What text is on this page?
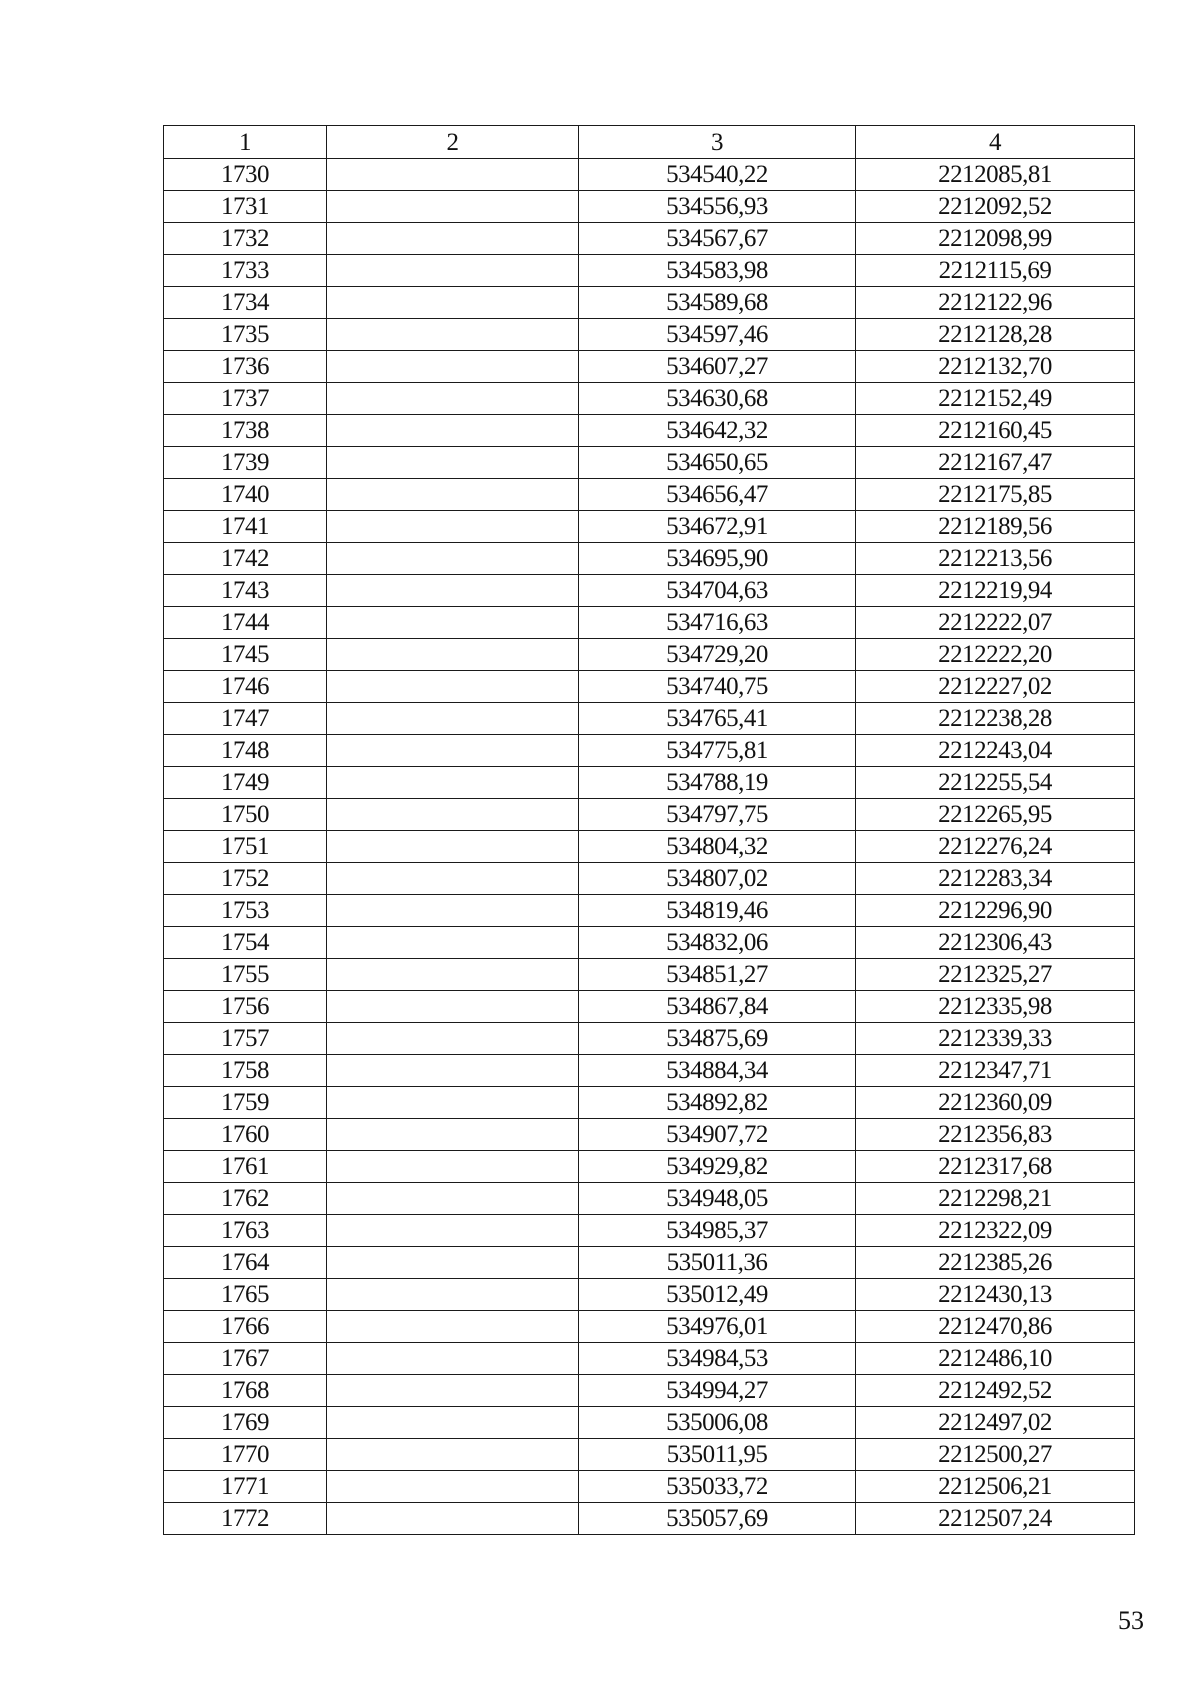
1	2	3	4
1730		534540,22	2212085,81
1731		534556,93	2212092,52
1732		534567,67	2212098,99
1733		534583,98	2212115,69
1734		534589,68	2212122,96
1735		534597,46	2212128,28
1736		534607,27	2212132,70
1737		534630,68	2212152,49
1738		534642,32	2212160,45
1739		534650,65	2212167,47
1740		534656,47	2212175,85
1741		534672,91	2212189,56
1742		534695,90	2212213,56
1743		534704,63	2212219,94
1744		534716,63	2212222,07
1745		534729,20	2212222,20
1746		534740,75	2212227,02
1747		534765,41	2212238,28
1748		534775,81	2212243,04
1749		534788,19	2212255,54
1750		534797,75	2212265,95
1751		534804,32	2212276,24
1752		534807,02	2212283,34
1753		534819,46	2212296,90
1754		534832,06	2212306,43
1755		534851,27	2212325,27
1756		534867,84	2212335,98
1757		534875,69	2212339,33
1758		534884,34	2212347,71
1759		534892,82	2212360,09
1760		534907,72	2212356,83
1761		534929,82	2212317,68
1762		534948,05	2212298,21
1763		534985,37	2212322,09
1764		535011,36	2212385,26
1765		535012,49	2212430,13
1766		534976,01	2212470,86
1767		534984,53	2212486,10
1768		534994,27	2212492,52
1769		535006,08	2212497,02
1770		535011,95	2212500,27
1771		535033,72	2212506,21
1772		535057,69	2212507,24
53
